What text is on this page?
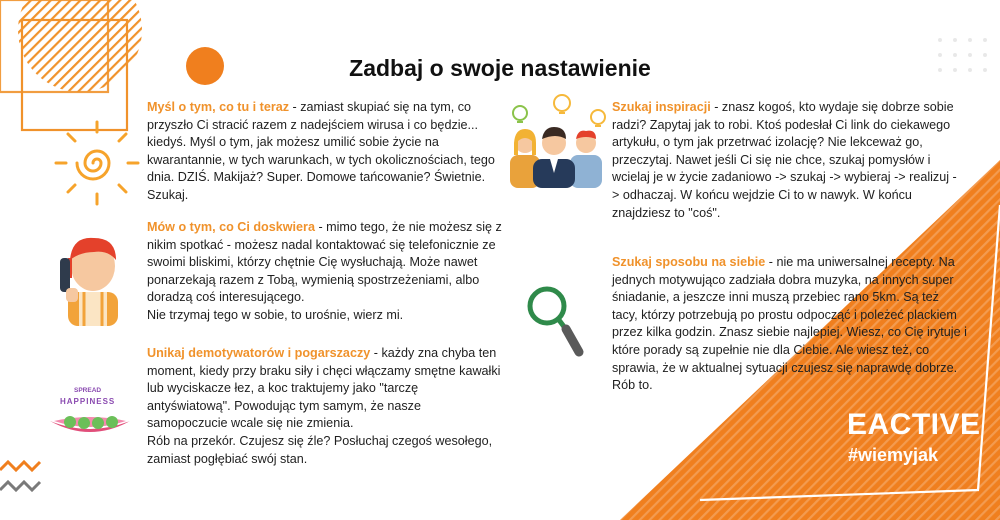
SPREAD
HAPPINESS
Zadbaj o swoje nastawienie
Myśl o tym, co tu i teraz - zamiast skupiać się na tym, co przyszło Ci stracić razem z nadejściem wirusa i co będzie... kiedyś. Myśl o tym, jak możesz umilić sobie życie na kwarantannie, w tych warunkach, w tych okolicznościach, tego dnia. DZIŚ. Makijaż? Super. Domowe tańcowanie? Świetnie. Szukaj.
Mów o tym, co Ci doskwiera - mimo tego, że nie możesz się z nikim spotkać - możesz nadal kontaktować się telefonicznie ze swoimi bliskimi, którzy chętnie Cię wysłuchają. Może nawet ponarzekają razem z Tobą, wymienią spostrzeżeniami, albo doradzą coś interesującego.
Nie trzymaj tego w sobie, to urośnie, wierz mi.
Unikaj demotywatorów i pogarszaczy - każdy zna chyba ten moment, kiedy przy braku siły i chęci włączamy smętne kawałki lub wyciskacze łez, a koc traktujemy jako "tarczę antyświatową". Powodując tym samym, że nasze samopoczucie wcale się nie zmienia.
Rób na przekór. Czujesz się źle? Posłuchaj czegoś wesołego, zamiast pogłębiać swój stan.
Szukaj inspiracji - znasz kogoś, kto wydaje się dobrze sobie radzi? Zapytaj jak to robi. Ktoś podesłał Ci link do ciekawego artykułu, o tym jak przetrwać izolację? Nie lekceważ go, przeczytaj. Nawet jeśli Ci się nie chce, szukaj pomysłów i wcielaj je w życie zadaniowo -> szukaj -> wybieraj -> realizuj -> odhaczaj. W końcu wejdzie Ci to w nawyk. W końcu znajdziesz to "coś".
Szukaj sposobu na siebie - nie ma uniwersalnej recepty. Na jednych motywująco zadziała dobra muzyka, na innych super śniadanie, a jeszcze inni muszą przebiec rano 5km. Są też tacy, którzy potrzebują po prostu odpocząć i poleżeć plackiem przez kilka godzin. Znasz siebie najlepiej. Wiesz, co Cię irytuje i które porady są zupełnie nie dla Ciebie. Ale wiesz też, co sprawia, że w aktualnej sytuacji czujesz się naprawdę dobrze. Rób to.
EACTIVE
#wiemyjak
